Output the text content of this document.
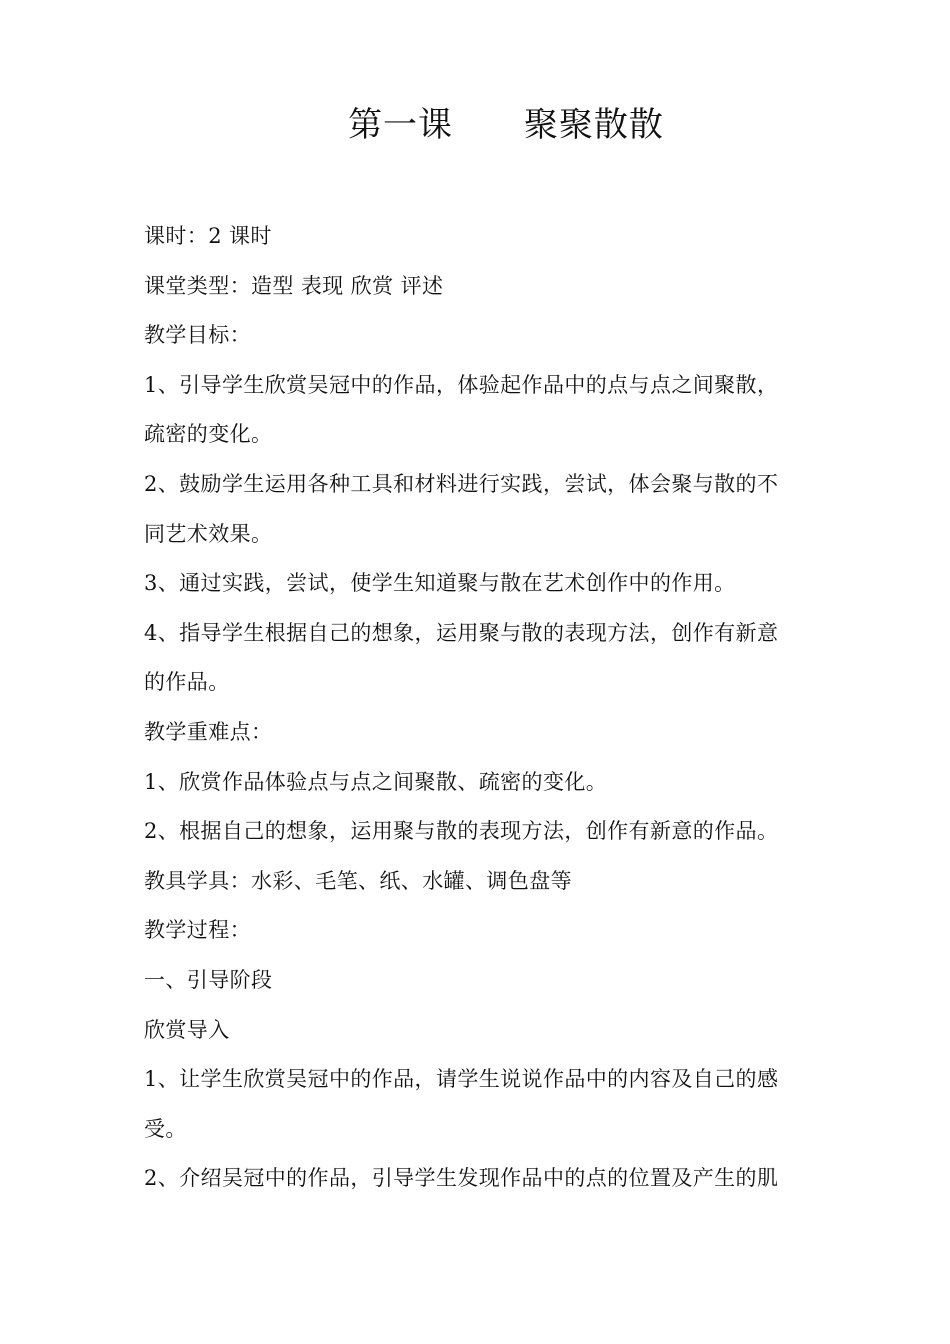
第一课      聚聚散散
课时：2 课时
课堂类型：造型 表现 欣赏 评述
教学目标：
1、引导学生欣赏吴冠中的作品，体验起作品中的点与点之间聚散，
疏密的变化。
2、鼓励学生运用各种工具和材料进行实践，尝试，体会聚与散的不
同艺术效果。
3、通过实践，尝试，使学生知道聚与散在艺术创作中的作用。
4、指导学生根据自己的想象，运用聚与散的表现方法，创作有新意
的作品。
教学重难点：
1、欣赏作品体验点与点之间聚散、疏密的变化。
2、根据自己的想象，运用聚与散的表现方法，创作有新意的作品。
教具学具：水彩、毛笔、纸、水罐、调色盘等
教学过程：
一、引导阶段
欣赏导入
1、让学生欣赏吴冠中的作品，请学生说说作品中的内容及自己的感
受。
2、介绍吴冠中的作品，引导学生发现作品中的点的位置及产生的肌
